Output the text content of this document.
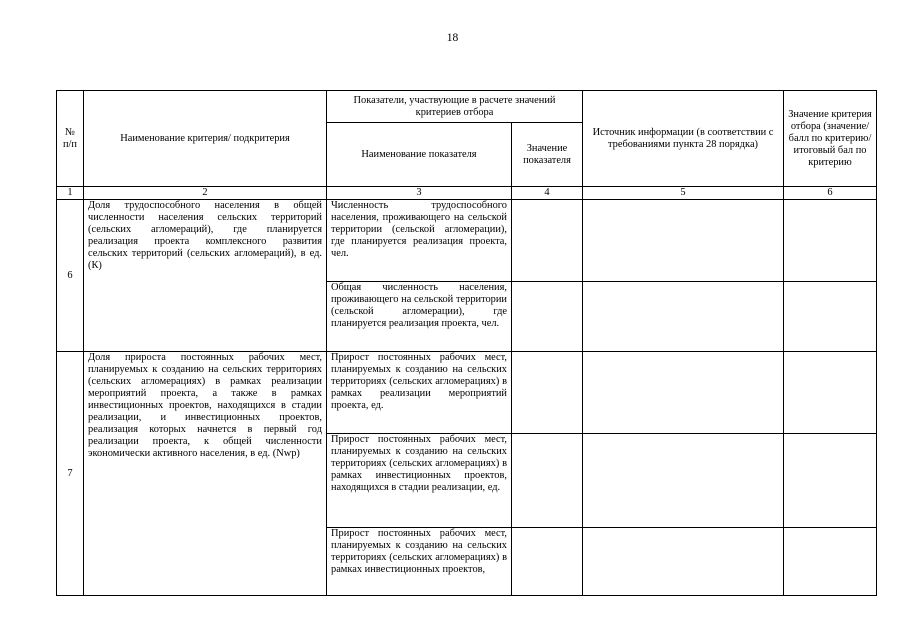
18
№ п/п	Наименование критерия/ подкритерия	Показатели, участвующие в расчете значений критериев отбора		Источник информации (в соответствии с требованиями пункта 28 порядка)	Значение критерия отбора (значение/ балл по критерию/ итоговый бал по критерию
		Наименование показателя	Значение показателя		
1	2	3	4	5	6
6	Доля трудоспособного населения в общей численности населения сельских территорий (сельских агломераций), где планируется реализация проекта комплексного развития сельских территорий (сельских агломераций), в ед. (К)	Численность трудоспособного населения, проживающего на сельской территории (сельской агломерации), где планируется реализация проекта, чел.			
		Общая численность населения, проживающего на сельской территории (сельской агломерации), где планируется реализация проекта, чел.			
7	Доля прироста постоянных рабочих мест, планируемых к созданию на сельских территориях (сельских агломерациях) в рамках реализации мероприятий проекта, а также в рамках инвестиционных проектов, находящихся в стадии реализации, и инвестиционных проектов, реализация которых начнется в первый год реализации проекта, к общей численности экономически активного населения, в ед. (Nwp)	Прирост постоянных рабочих мест, планируемых к созданию на сельских территориях (сельских агломерациях) в рамках реализации мероприятий проекта, ед.			
		Прирост постоянных рабочих мест, планируемых к созданию на сельских территориях (сельских агломерациях) в рамках инвестиционных проектов, находящихся в стадии реализации, ед.			
		Прирост постоянных рабочих мест, планируемых к созданию на сельских территориях (сельских агломерациях) в рамках инвестиционных проектов,			
